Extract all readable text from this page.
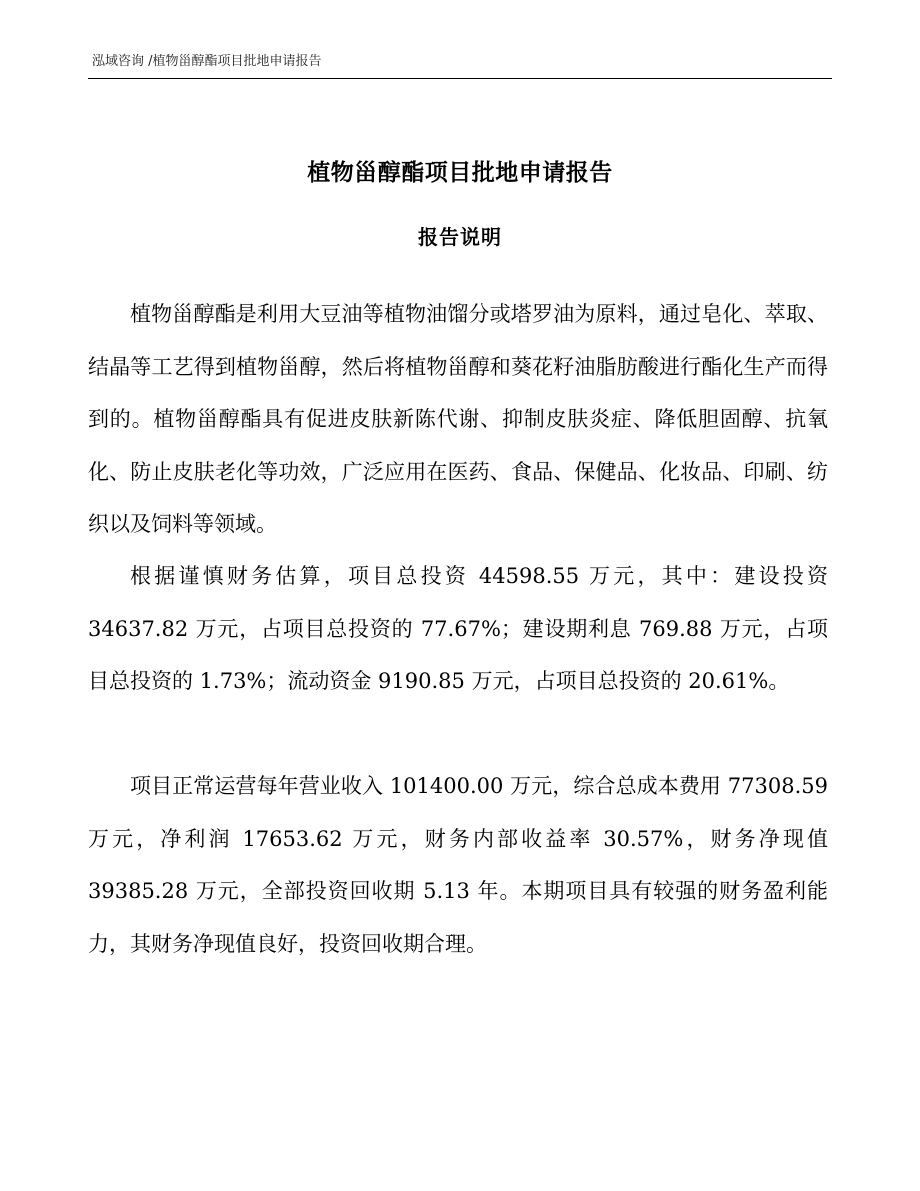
泓域咨询 /植物甾醇酯项目批地申请报告
植物甾醇酯项目批地申请报告
报告说明

植物甾醇酯是利用大豆油等植物油馏分或塔罗油为原料，通过皂化、萃取、结晶等工艺得到植物甾醇，然后将植物甾醇和葵花籽油脂肪酸进行酯化生产而得到的。植物甾醇酯具有促进皮肤新陈代谢、抑制皮肤炎症、降低胆固醇、抗氧化、防止皮肤老化等功效，广泛应用在医药、食品、保健品、化妆品、印刷、纺织以及饲料等领域。

根据谨慎财务估算，项目总投资 44598.55 万元，其中：建设投资 34637.82 万元，占项目总投资的 77.67%；建设期利息 769.88 万元，占项目总投资的 1.73%；流动资金 9190.85 万元，占项目总投资的 20.61%。

项目正常运营每年营业收入 101400.00 万元，综合总成本费用 77308.59 万元，净利润 17653.62 万元，财务内部收益率 30.57%，财务净现值 39385.28 万元，全部投资回收期 5.13 年。本期项目具有较强的财务盈利能力，其财务净现值良好，投资回收期合理。
